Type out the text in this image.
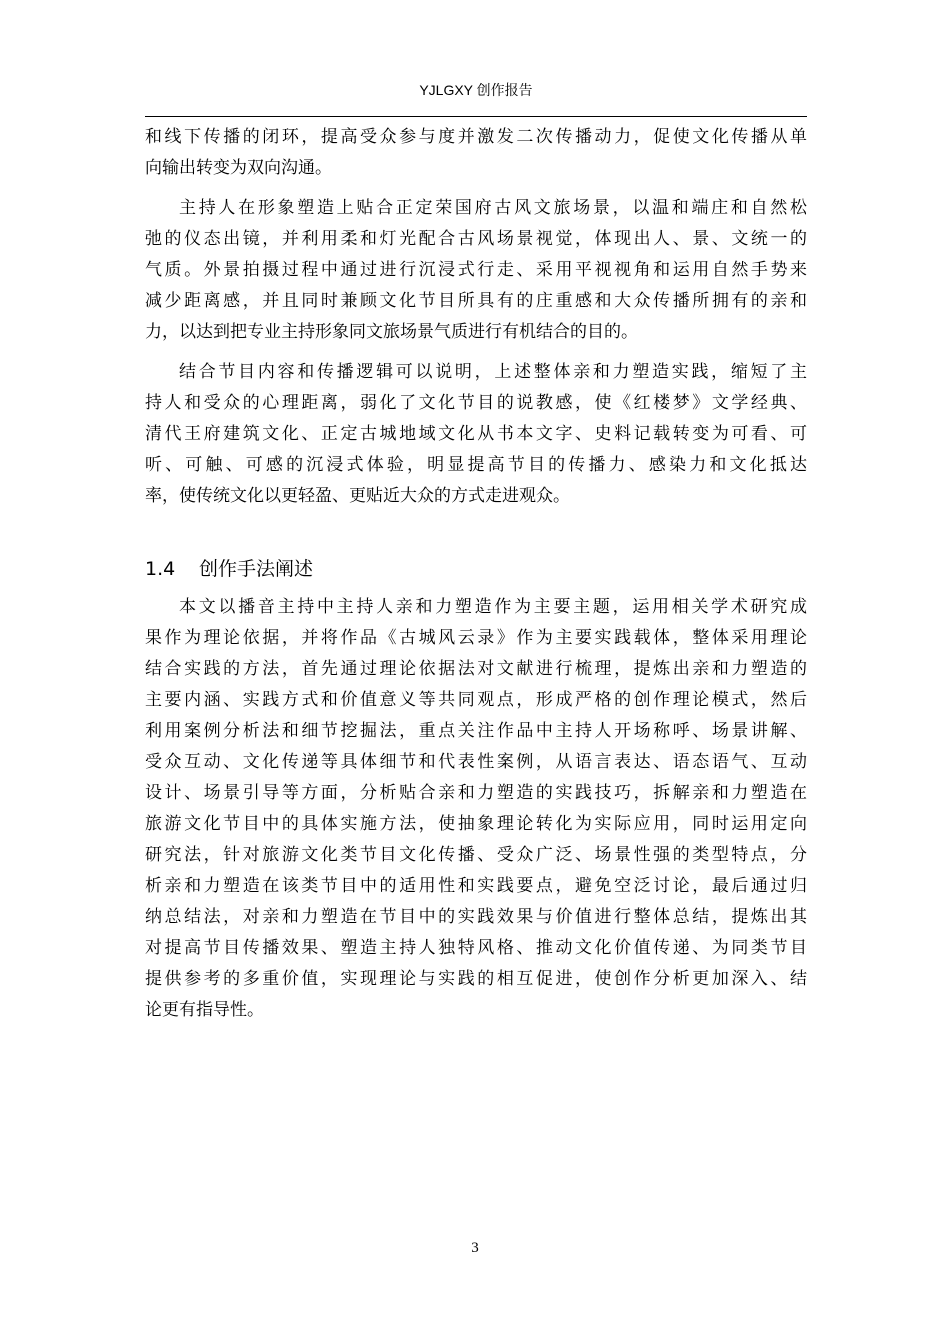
YJLGXY 创作报告

和线下传播的闭环，提高受众参与度并激发二次传播动力，促使文化传播从单
向输出转变为双向沟通。

主持人在形象塑造上贴合正定荣国府古风文旅场景，以温和端庄和自然松
弛的仪态出镜，并利用柔和灯光配合古风场景视觉，体现出人、景、文统一的
气质。外景拍摄过程中通过进行沉浸式行走、采用平视视角和运用自然手势来
减少距离感，并且同时兼顾文化节目所具有的庄重感和大众传播所拥有的亲和
力，以达到把专业主持形象同文旅场景气质进行有机结合的目的。

结合节目内容和传播逻辑可以说明，上述整体亲和力塑造实践，缩短了主
持人和受众的心理距离，弱化了文化节目的说教感，使《红楼梦》文学经典、
清代王府建筑文化、正定古城地域文化从书本文字、史料记载转变为可看、可
听、可触、可感的沉浸式体验，明显提高节目的传播力、感染力和文化抵达
率，使传统文化以更轻盈、更贴近大众的方式走进观众。

1.4 创作手法阐述

本文以播音主持中主持人亲和力塑造作为主要主题，运用相关学术研究成
果作为理论依据，并将作品《古城风云录》作为主要实践载体，整体采用理论
结合实践的方法，首先通过理论依据法对文献进行梳理，提炼出亲和力塑造的
主要内涵、实践方式和价值意义等共同观点，形成严格的创作理论模式，然后
利用案例分析法和细节挖掘法，重点关注作品中主持人开场称呼、场景讲解、
受众互动、文化传递等具体细节和代表性案例，从语言表达、语态语气、互动
设计、场景引导等方面，分析贴合亲和力塑造的实践技巧，拆解亲和力塑造在
旅游文化节目中的具体实施方法，使抽象理论转化为实际应用，同时运用定向
研究法，针对旅游文化类节目文化传播、受众广泛、场景性强的类型特点，分
析亲和力塑造在该类节目中的适用性和实践要点，避免空泛讨论，最后通过归
纳总结法，对亲和力塑造在节目中的实践效果与价值进行整体总结，提炼出其
对提高节目传播效果、塑造主持人独特风格、推动文化价值传递、为同类节目
提供参考的多重价值，实现理论与实践的相互促进，使创作分析更加深入、结
论更有指导性。

3
